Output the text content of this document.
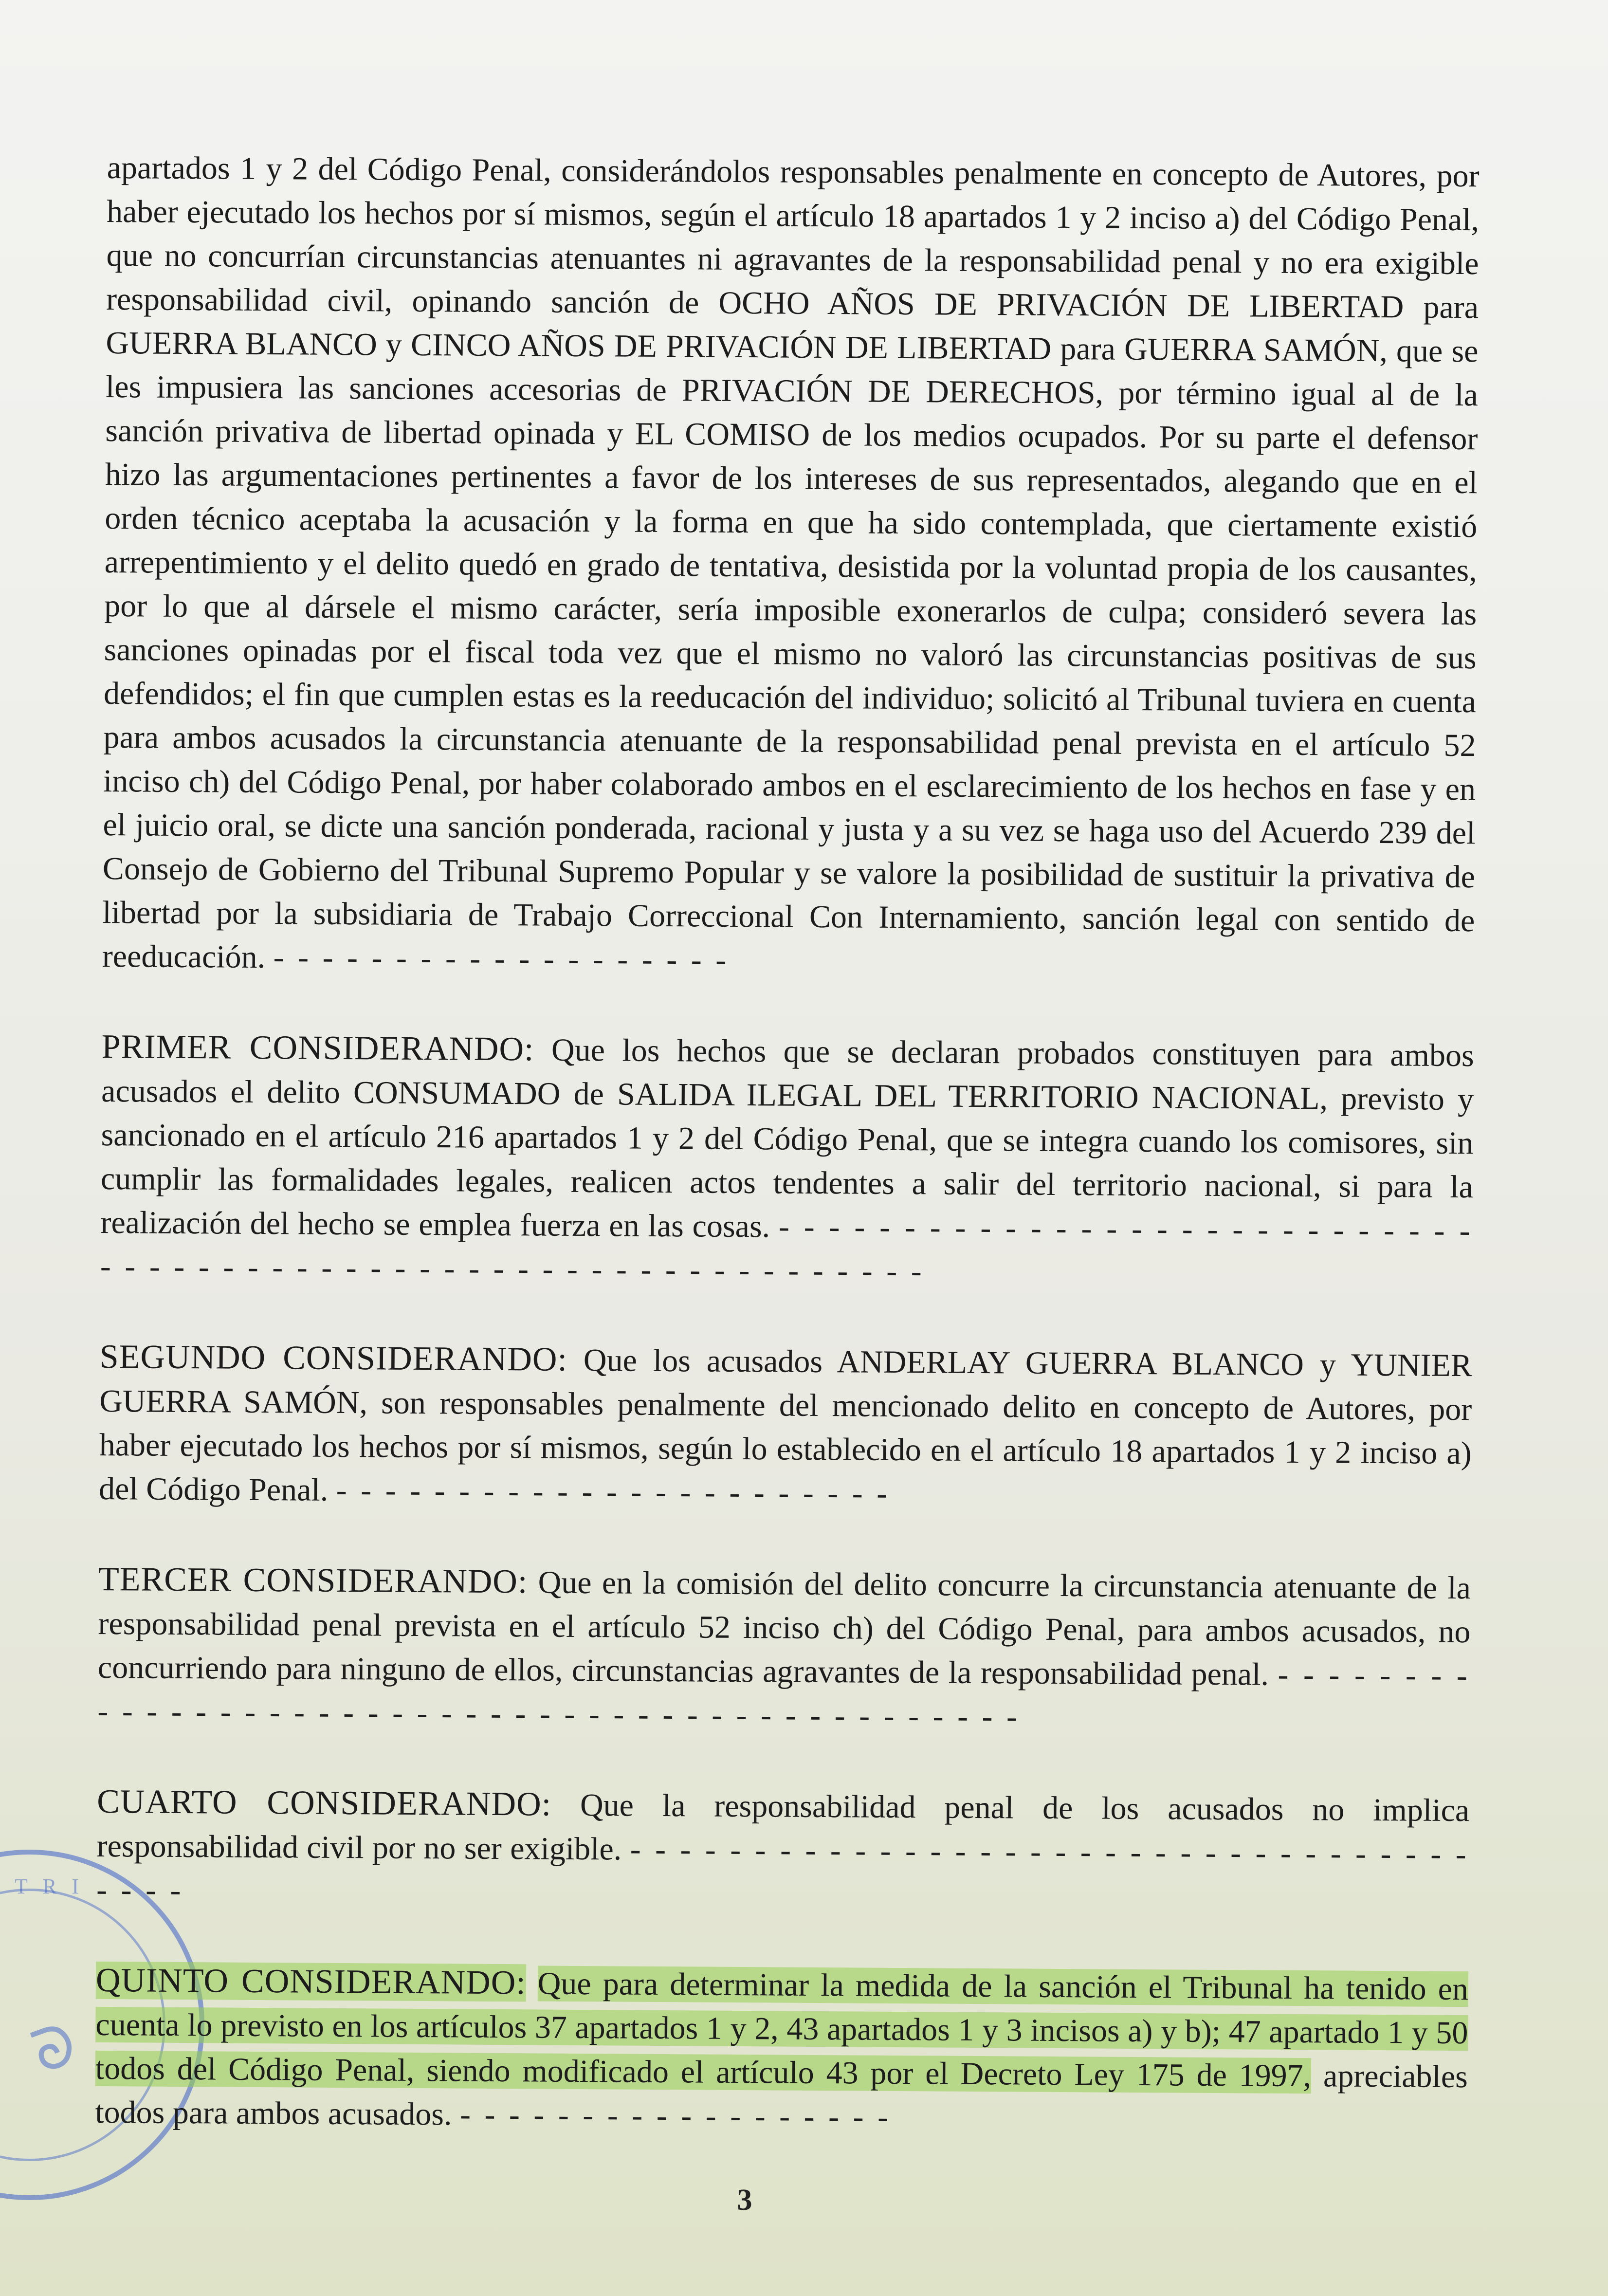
T R I
ᘐ

apartados 1 y 2 del Código Penal, considerándolos responsables penalmente en concepto de Autores, por haber ejecutado los hechos por sí mismos, según el artículo 18 apartados 1 y 2 inciso a) del Código Penal, que no concurrían circunstancias atenuantes ni agravantes de la responsabilidad penal y no era exigible responsabilidad civil, opinando sanción de OCHO AÑOS DE PRIVACIÓN DE LIBERTAD para GUERRA BLANCO y CINCO AÑOS DE PRIVACIÓN DE LIBERTAD para GUERRA SAMÓN, que se les impusiera las sanciones accesorias de PRIVACIÓN DE DERECHOS, por término igual al de la sanción privativa de libertad opinada y EL COMISO de los medios ocupados. Por su parte el defensor hizo las argumentaciones pertinentes a favor de los intereses de sus representados, alegando que en el orden técnico aceptaba la acusación y la forma en que ha sido contemplada, que ciertamente existió arrepentimiento y el delito quedó en grado de tentativa, desistida por la voluntad propia de los causantes, por lo que al dársele el mismo carácter, sería imposible exonerarlos de culpa; consideró severa las sanciones opinadas por el fiscal toda vez que el mismo no valoró las circunstancias positivas de sus defendidos; el fin que cumplen estas es la reeducación del individuo; solicitó al Tribunal tuviera en cuenta para ambos acusados la circunstancia atenuante de la responsabilidad penal prevista en el artículo 52 inciso ch) del Código Penal, por haber colaborado ambos en el esclarecimiento de los hechos en fase y en el juicio oral, se dicte una sanción ponderada, racional y justa y a su vez se haga uso del Acuerdo 239 del Consejo de Gobierno del Tribunal Supremo Popular y se valore la posibilidad de sustituir la privativa de libertad por la subsidiaria de Trabajo Correccional Con Internamiento, sanción legal con sentido de reeducación. - - - - - - - - - - - - - - - - - - -

PRIMER CONSIDERANDO: Que los hechos que se declaran probados constituyen para ambos acusados el delito CONSUMADO de SALIDA ILEGAL DEL TERRITORIO NACIONAL, previsto y sancionado en el artículo 216 apartados 1 y 2 del Código Penal, que se integra cuando los comisores, sin cumplir las formalidades legales, realicen actos tendentes a salir del territorio nacional, si para la realización del hecho se emplea fuerza en las cosas. - - - - - - - - - - - - - - - - - - - - - - - - - - - - - - - - - - - - - - - - - - - - - - - - - - - - - - - - - - - - - -

SEGUNDO CONSIDERANDO: Que los acusados ANDERLAY GUERRA BLANCO y YUNIER GUERRA SAMÓN, son responsables penalmente del mencionado delito en concepto de Autores, por haber ejecutado los hechos por sí mismos, según lo establecido en el artículo 18 apartados 1 y 2 inciso a) del Código Penal. - - - - - - - - - - - - - - - - - - - - - - -

TERCER CONSIDERANDO: Que en la comisión del delito concurre la circunstancia atenuante de la responsabilidad penal prevista en el artículo 52 inciso ch) del Código Penal, para ambos acusados, no concurriendo para ninguno de ellos, circunstancias agravantes de la responsabilidad penal. - - - - - - - - - - - - - - - - - - - - - - - - - - - - - - - - - - - - - - - - - - - - - -

CUARTO CONSIDERANDO: Que la responsabilidad penal de los acusados no implica responsabilidad civil por no ser exigible. - - - - - - - - - - - - - - - - - - - - - - - - - - - - - - - - - - - - - -

QUINTO CONSIDERANDO: Que para determinar la medida de la sanción el Tribunal ha tenido en cuenta lo previsto en los artículos 37 apartados 1 y 2, 43 apartados 1 y 3 incisos a) y b); 47 apartado 1 y 50 todos del Código Penal, siendo modificado el artículo 43 por el Decreto Ley 175 de 1997, apreciables todos para ambos acusados. - - - - - - - - - - - - - - - - - -

3
